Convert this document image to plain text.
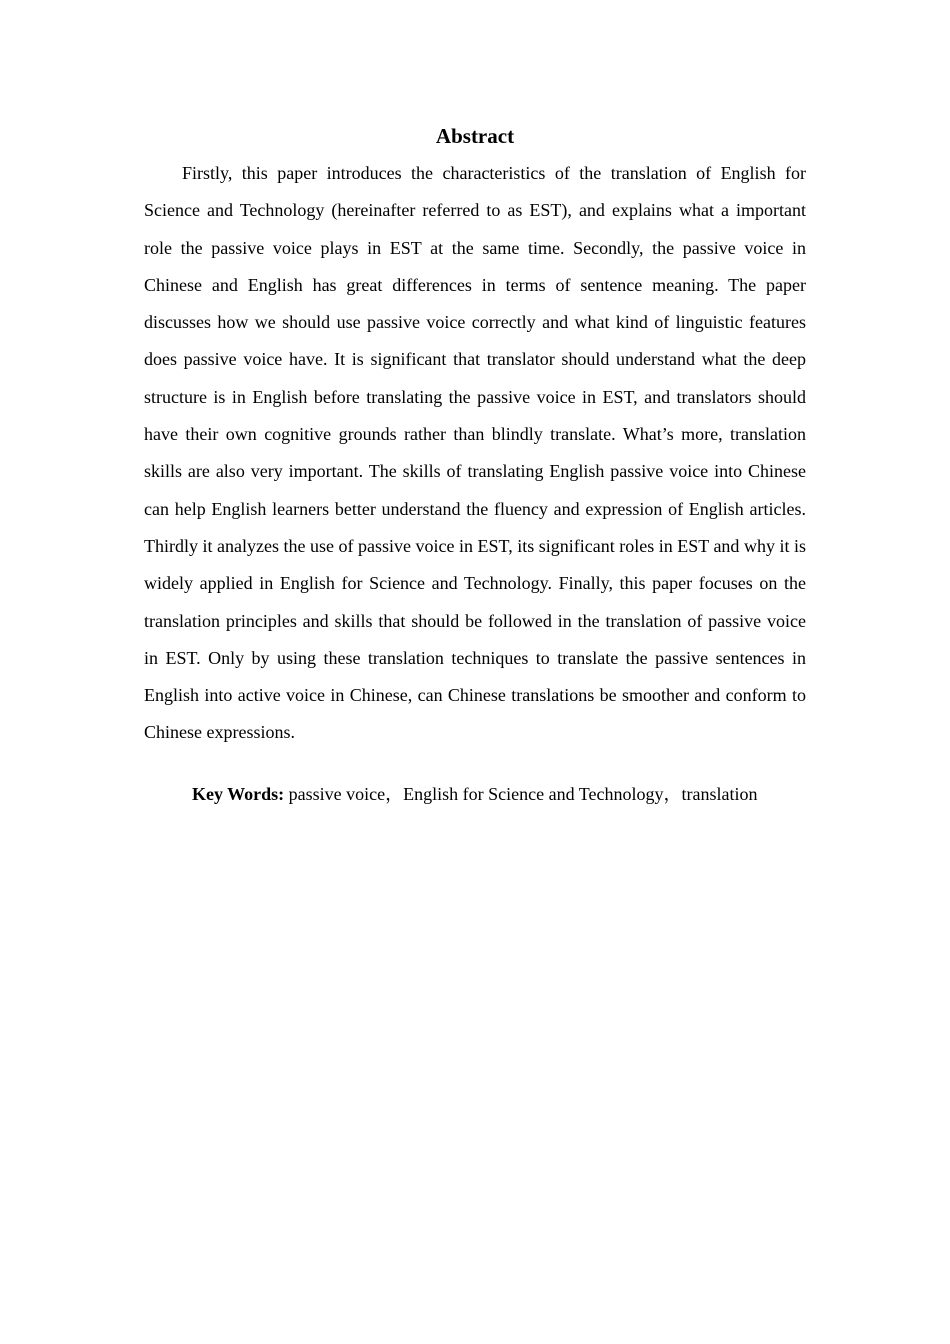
Abstract

Firstly, this paper introduces the characteristics of the translation of English for Science and Technology (hereinafter referred to as EST), and explains what a important role the passive voice plays in EST at the same time. Secondly, the passive voice in Chinese and English has great differences in terms of sentence meaning. The paper discusses how we should use passive voice correctly and what kind of linguistic features does passive voice have. It is significant that translator should understand what the deep structure is in English before translating the passive voice in EST, and translators should have their own cognitive grounds rather than blindly translate. What’s more, translation skills are also very important. The skills of translating English passive voice into Chinese can help English learners better understand the fluency and expression of English articles. Thirdly it analyzes the use of passive voice in EST, its significant roles in EST and why it is widely applied in English for Science and Technology. Finally, this paper focuses on the translation principles and skills that should be followed in the translation of passive voice in EST. Only by using these translation techniques to translate the passive sentences in English into active voice in Chinese, can Chinese translations be smoother and conform to Chinese expressions.

Key Words: passive voice，English for Science and Technology，translation
